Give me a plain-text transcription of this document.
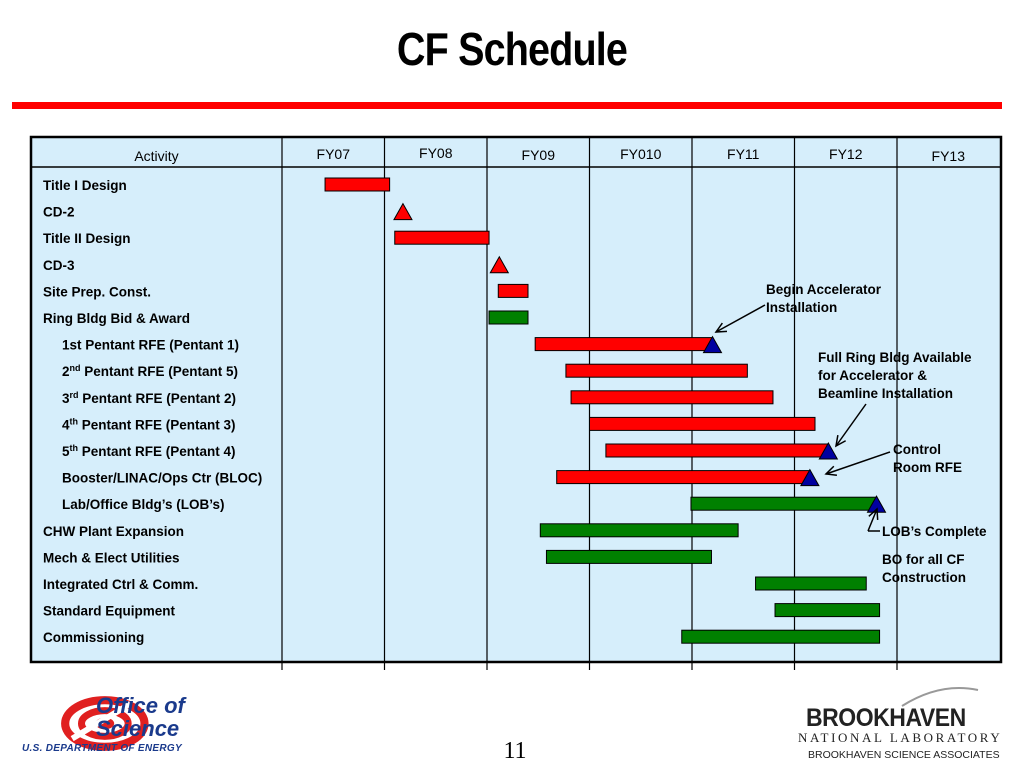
CF Schedule
Activity	FY07	FY08	FY09	FY010	FY11	FY12	FY13
Title I Design
CD-2
Title II Design
CD-3
Site Prep. Const.
Ring Bldg Bid & Award
1st Pentant RFE (Pentant 1)
2nd Pentant RFE (Pentant 5)
3rd Pentant RFE (Pentant 2)
4th Pentant RFE (Pentant 3)
5th Pentant RFE (Pentant 4)
Booster/LINAC/Ops Ctr (BLOC)
Lab/Office Bldg’s (LOB’s)
CHW Plant Expansion
Mech & Elect Utilities
Integrated Ctrl & Comm.
Standard Equipment
Commissioning
Begin Accelerator Installation
Full Ring Bldg Available for Accelerator & Beamline Installation
Control Room RFE
LOB’s Complete
BO for all CF Construction
Office of
Science
U.S. DEPARTMENT OF ENERGY	11
BROOKHAVEN
NATIONAL LABORATORY
BROOKHAVEN SCIENCE ASSOCIATES
